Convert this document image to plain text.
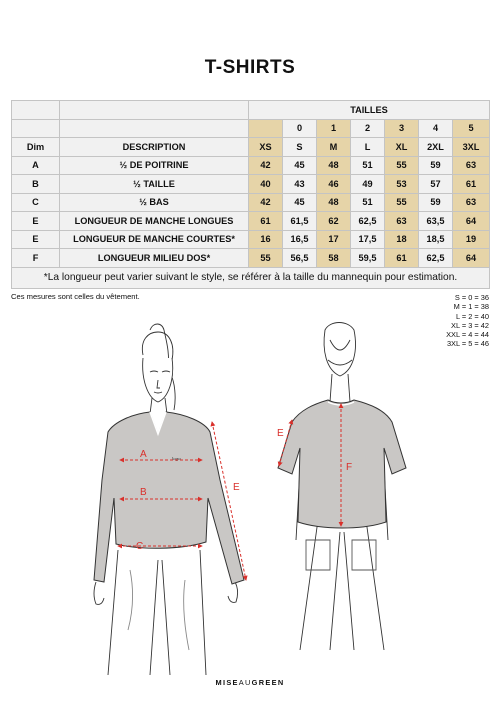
T-SHIRTS
		TAILLES						
			0	1	2	3	4	5
Dim	DESCRIPTION	XS	S	M	L	XL	2XL	3XL
A	½ DE POITRINE	42	45	48	51	55	59	63
B	½ TAILLE	40	43	46	49	53	57	61
C	½ BAS	42	45	48	51	55	59	63
E	LONGUEUR DE MANCHE LONGUES	61	61,5	62	62,5	63	63,5	64
E	LONGUEUR DE MANCHE COURTES*	16	16,5	17	17,5	18	18,5	19
F	LONGUEUR MILIEU DOS*	55	56,5	58	59,5	61	62,5	64
*La longueur peut varier suivant le style, se référer à la taille du mannequin pour estimation.								
Ces mesures sont celles du vêtement.	S = 0 = 36
M = 1 = 38
L = 2 = 40
XL = 3 = 42
XXL = 4 = 44
3XL = 5 = 46
logo
A
B
C
E
E
F
MISEAUGREEN
